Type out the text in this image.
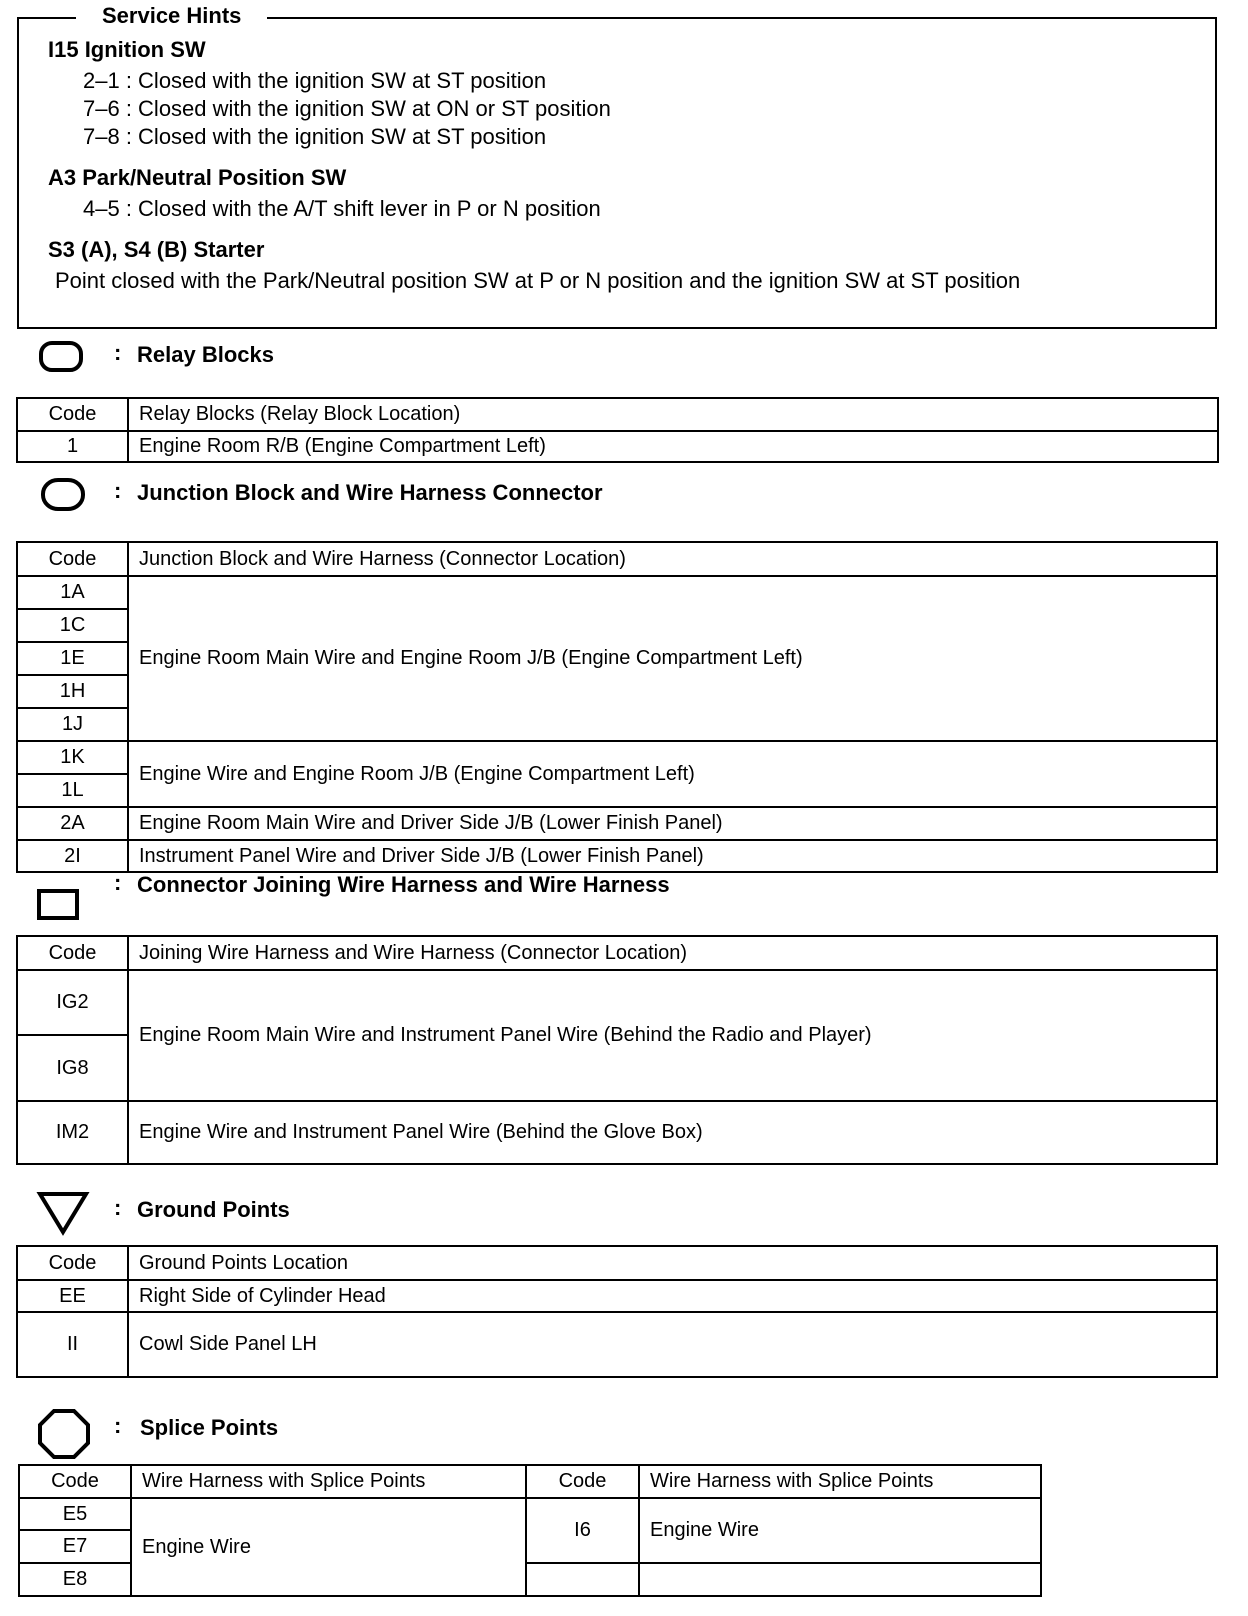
Service Hints
I15 Ignition SW
2–1 : Closed with the ignition SW at ST position
7–6 : Closed with the ignition SW at ON or ST position
7–8 : Closed with the ignition SW at ST position
A3 Park/Neutral Position SW
4–5 : Closed with the A/T shift lever in P or N position
S3 (A), S4 (B) Starter
Point closed with the Park/Neutral position SW at P or N position and the ignition SW at ST position
: Relay Blocks
Code	Relay Blocks (Relay Block Location)
1	Engine Room R/B (Engine Compartment Left)
: Junction Block and Wire Harness Connector
Code	Junction Block and Wire Harness (Connector Location)
1A	Engine Room Main Wire and Engine Room J/B (Engine Compartment Left)
1C	
1E	
1H	
1J	
1K	Engine Wire and Engine Room J/B (Engine Compartment Left)
1L	
2A	Engine Room Main Wire and Driver Side J/B (Lower Finish Panel)
2I	Instrument Panel Wire and Driver Side J/B (Lower Finish Panel)
: Connector Joining Wire Harness and Wire Harness
Code	Joining Wire Harness and Wire Harness (Connector Location)
IG2	Engine Room Main Wire and Instrument Panel Wire (Behind the Radio and Player)
IG8	
IM2	Engine Wire and Instrument Panel Wire (Behind the Glove Box)
: Ground Points
Code	Ground Points Location
EE	Right Side of Cylinder Head
II	Cowl Side Panel LH
: Splice Points
Code	Wire Harness with Splice Points	Code	Wire Harness with Splice Points
E5	Engine Wire	I6	Engine Wire
E7			
E8			
